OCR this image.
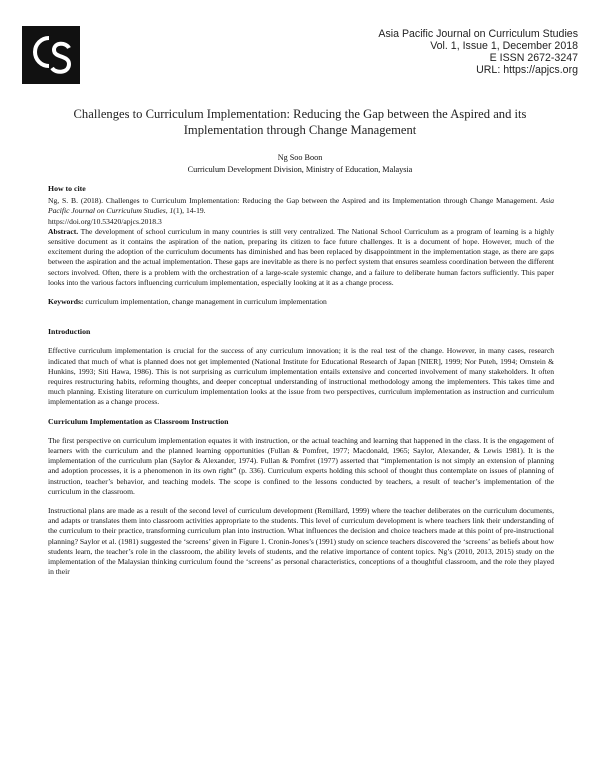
Asia Pacific Journal on Curriculum Studies
Vol. 1, Issue 1, December 2018
E ISSN 2672-3247
URL: https://apjcs.org
Challenges to Curriculum Implementation: Reducing the Gap between the Aspired and its
Implementation through Change Management
Ng Soo Boon
Curriculum Development Division, Ministry of Education, Malaysia
How to cite

Ng, S. B. (2018). Challenges to Curriculum Implementation: Reducing the Gap between the Aspired and its Implementation through Change Management. Asia Pacific Journal on Curriculum Studies, 1(1), 14-19.

https://doi.org/10.53420/apjcs.2018.3

Abstract. The development of school curriculum in many countries is still very centralized. The National School Curriculum as a program of learning is a highly sensitive document as it contains the aspiration of the nation, preparing its citizen to face future challenges. It is a document of hope. However, much of the excitement during the adoption of the curriculum documents has diminished and has been replaced by disappointment in the implementation stage, as there are gaps between the aspiration and the actual implementation. These gaps are inevitable as there is no perfect system that ensures seamless coordination between the different sectors involved. Often, there is a problem with the orchestration of a large-scale systemic change, and a failure to deliberate human factors sufficiently. This paper looks into the various factors influencing curriculum implementation, especially looking at it as a change process.

Keywords: curriculum implementation, change management in curriculum implementation

Introduction

Effective curriculum implementation is crucial for the success of any curriculum innovation; it is the real test of the change. However, in many cases, research indicated that much of what is planned does not get implemented (National Institute for Educational Research of Japan [NIER], 1999; Nor Puteh, 1994; Ornstein & Hunkins, 1993; Siti Hawa, 1986). This is not surprising as curriculum implementation entails extensive and concerted involvement of many stakeholders. It often requires restructuring habits, reforming thoughts, and deeper conceptual understanding of instructional methodology among the implementers. This takes time and much planning. Existing literature on curriculum implementation looks at the issue from two perspectives, curriculum implementation as instruction and curriculum implementation as a change process.

Curriculum Implementation as Classroom Instruction

The first perspective on curriculum implementation equates it with instruction, or the actual teaching and learning that happened in the class. It is the engagement of learners with the curriculum and the planned learning opportunities (Fullan & Pomfret, 1977; Macdonald, 1965; Saylor, Alexander, & Lewis 1981). It is the implementation of the curriculum plan (Saylor & Alexander, 1974). Fullan & Pomfret (1977) asserted that “implementation is not simply an extension of planning and adoption processes, it is a phenomenon in its own right” (p. 336). Curriculum experts holding this school of thought thus contemplate on issues of planning of instruction, teacher’s behavior, and teaching models. The scope is confined to the lessons conducted by teachers, a result of teacher’s implementation of the curriculum in the classroom.

Instructional plans are made as a result of the second level of curriculum development (Remillard, 1999) where the teacher deliberates on the curriculum documents, and adapts or translates them into classroom activities appropriate to the students. This level of curriculum development is where teachers link their understanding of the curriculum to their practice, transforming curriculum plan into instruction. What influences the decision and choice teachers made at this point of pre-instructional planning? Saylor et al. (1981) suggested the ‘screens’ given in Figure 1. Cronin-Jones’s (1991) study on science teachers discovered the ‘screens’ as beliefs about how students learn, the teacher’s role in the classroom, the ability levels of students, and the relative importance of content topics. Ng’s (2010, 2013, 2015) study on the implementation of the Malaysian thinking curriculum found the ‘screens’ as personal characteristics, conceptions of a thoughtful classroom, and the role they played in their
